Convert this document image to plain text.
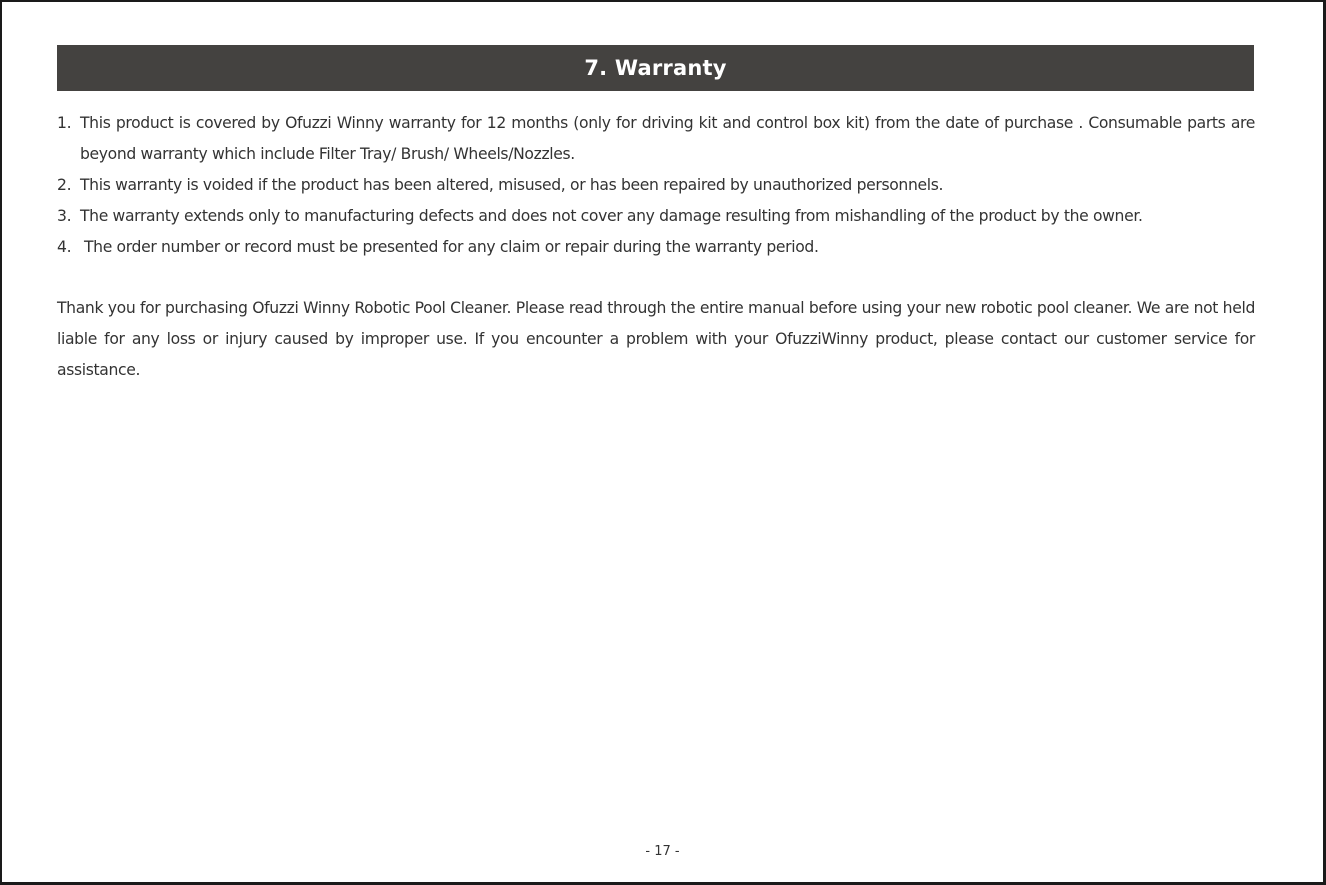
7. Warranty
1. This product is covered by Ofuzzi Winny warranty for 12 months (only for driving kit and control box kit) from the date of purchase . Consumable parts are beyond warranty which include Filter Tray/ Brush/ Wheels/Nozzles.
2. This warranty is voided if the product has been altered, misused, or has been repaired by unauthorized personnels.
3. The warranty extends only to manufacturing defects and does not cover any damage resulting from mishandling of the product by the owner.
4. The order number or record must be presented for any claim or repair during the warranty period.

Thank you for purchasing Ofuzzi Winny Robotic Pool Cleaner. Please read through the entire manual before using your new robotic pool cleaner. We are not held liable for any loss or injury caused by improper use. If you encounter a problem with your OfuzziWinny product, please contact our customer service for assistance.

- 17 -
